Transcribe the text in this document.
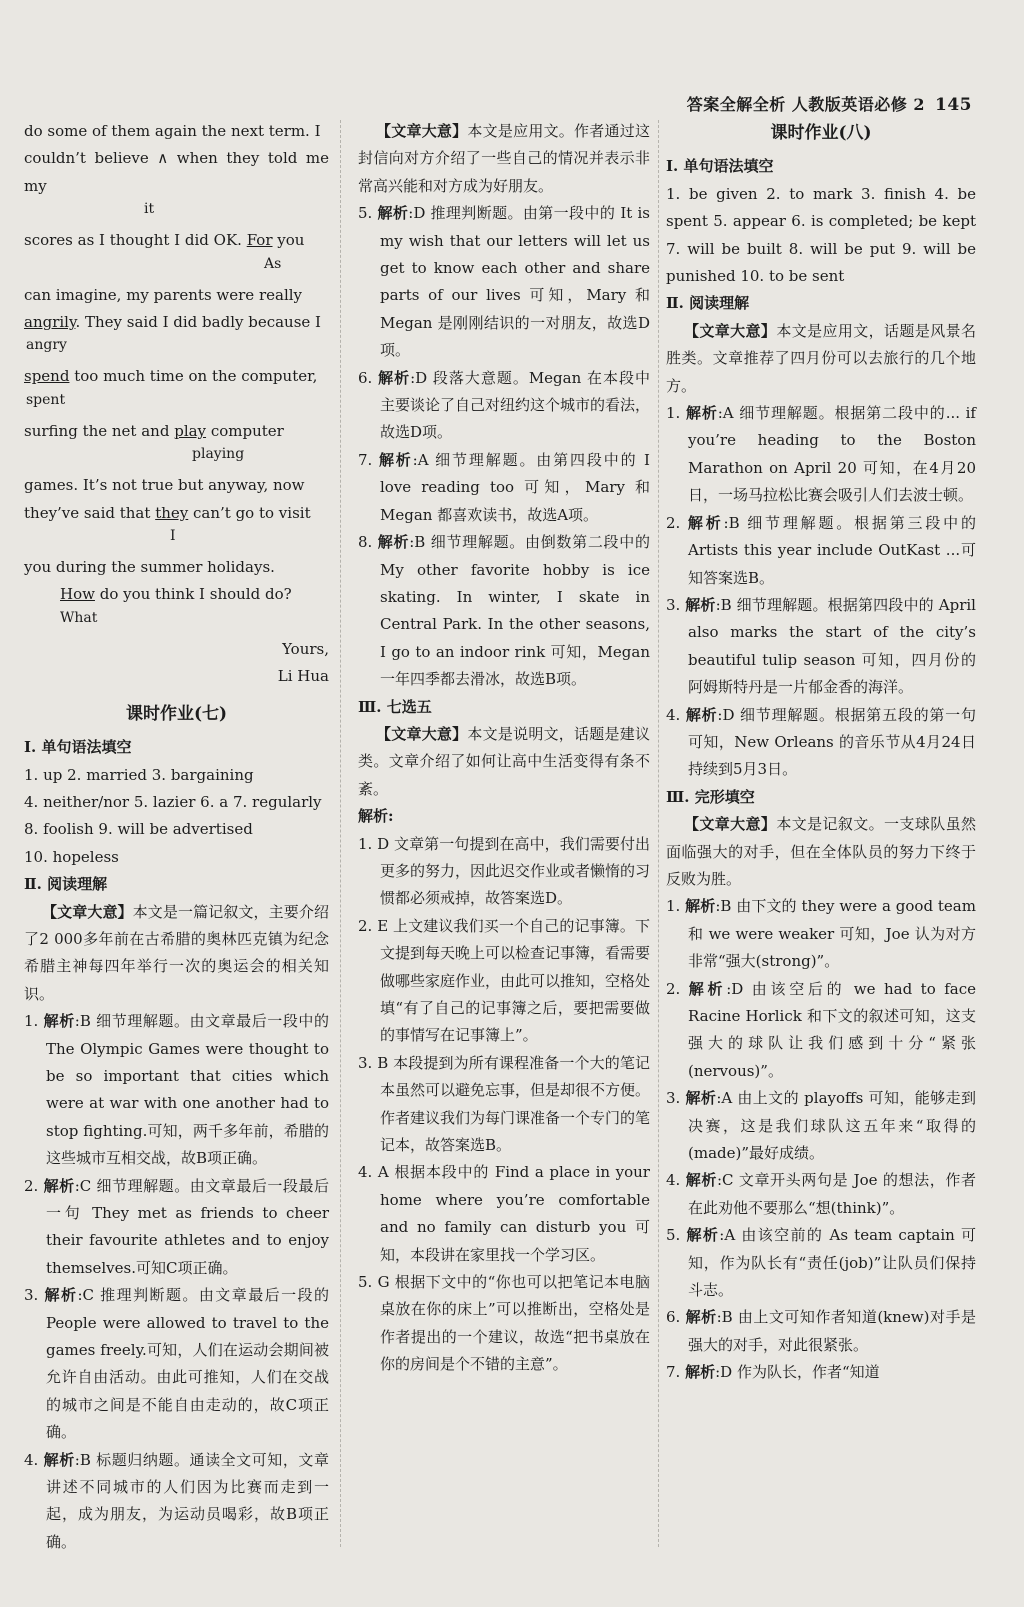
答案全解全析 人教版英语必修 2 145

do some of them again the next term. I

couldn’t believe ∧ when they told me my

it

scores as I thought I did OK. For you

As

can imagine, my parents were really

angrily. They said I did badly because I

angry

spend too much time on the computer,

spent

surfing the net and play computer

playing

games. It’s not true but anyway, now

they’ve said that they can’t go to visit

I

you during the summer holidays.

How do you think I should do?

What

Yours,

Li Hua

课时作业(七)

Ⅰ. 单句语法填空

1. up 2. married 3. bargaining

4. neither/nor 5. lazier 6. a 7. regularly

8. foolish 9. will be advertised

10. hopeless

Ⅱ. 阅读理解

【文章大意】本文是一篇记叙文，主要介绍了2 000多年前在古希腊的奥林匹克镇为纪念希腊主神每四年举行一次的奥运会的相关知识。

1. 解析:B 细节理解题。由文章最后一段中的 The Olympic Games were thought to be so important that cities which were at war with one another had to stop fighting.可知，两千多年前，希腊的这些城市互相交战，故B项正确。

2. 解析:C 细节理解题。由文章最后一段最后一句 They met as friends to cheer their favourite athletes and to enjoy themselves.可知C项正确。

3. 解析:C 推理判断题。由文章最后一段的 People were allowed to travel to the games freely.可知，人们在运动会期间被允许自由活动。由此可推知，人们在交战的城市之间是不能自由走动的，故C项正确。

4. 解析:B 标题归纳题。通读全文可知，文章讲述不同城市的人们因为比赛而走到一起，成为朋友，为运动员喝彩，故B项正确。

【文章大意】本文是应用文。作者通过这封信向对方介绍了一些自己的情况并表示非常高兴能和对方成为好朋友。

5. 解析:D 推理判断题。由第一段中的 It is my wish that our letters will let us get to know each other and share parts of our lives 可知，Mary 和 Megan 是刚刚结识的一对朋友，故选D项。

6. 解析:D 段落大意题。Megan 在本段中主要谈论了自己对纽约这个城市的看法，故选D项。

7. 解析:A 细节理解题。由第四段中的 I love reading too 可知，Mary 和 Megan 都喜欢读书，故选A项。

8. 解析:B 细节理解题。由倒数第二段中的 My other favorite hobby is ice skating. In winter, I skate in Central Park. In the other seasons, I go to an indoor rink 可知，Megan 一年四季都去滑冰，故选B项。

Ⅲ. 七选五

【文章大意】本文是说明文，话题是建议类。文章介绍了如何让高中生活变得有条不紊。

解析:

1. D 文章第一句提到在高中，我们需要付出更多的努力，因此迟交作业或者懒惰的习惯都必须戒掉，故答案选D。

2. E 上文建议我们买一个自己的记事簿。下文提到每天晚上可以检查记事簿，看需要做哪些家庭作业，由此可以推知，空格处填“有了自己的记事簿之后，要把需要做的事情写在记事簿上”。

3. B 本段提到为所有课程准备一个大的笔记本虽然可以避免忘事，但是却很不方便。作者建议我们为每门课准备一个专门的笔记本，故答案选B。

4. A 根据本段中的 Find a place in your home where you’re comfortable and no family can disturb you 可知，本段讲在家里找一个学习区。

5. G 根据下文中的“你也可以把笔记本电脑桌放在你的床上”可以推断出，空格处是作者提出的一个建议，故选“把书桌放在你的房间是个不错的主意”。

课时作业(八)

Ⅰ. 单句语法填空

1. be given 2. to mark 3. finish 4. be spent 5. appear 6. is completed; be kept 7. will be built 8. will be put 9. will be punished 10. to be sent

Ⅱ. 阅读理解

【文章大意】本文是应用文，话题是风景名胜类。文章推荐了四月份可以去旅行的几个地方。

1. 解析:A 细节理解题。根据第二段中的... if you’re heading to the Boston Marathon on April 20 可知，在4月20日，一场马拉松比赛会吸引人们去波士顿。

2. 解析:B 细节理解题。根据第三段中的 Artists this year include OutKast ...可知答案选B。

3. 解析:B 细节理解题。根据第四段中的 April also marks the start of the city’s beautiful tulip season 可知，四月份的阿姆斯特丹是一片郁金香的海洋。

4. 解析:D 细节理解题。根据第五段的第一句可知，New Orleans 的音乐节从4月24日持续到5月3日。

Ⅲ. 完形填空

【文章大意】本文是记叙文。一支球队虽然面临强大的对手，但在全体队员的努力下终于反败为胜。

1. 解析:B 由下文的 they were a good team 和 we were weaker 可知，Joe 认为对方非常“强大(strong)”。

2. 解析:D 由该空后的 we had to face Racine Horlick 和下文的叙述可知，这支强大的球队让我们感到十分“紧张(nervous)”。

3. 解析:A 由上文的 playoffs 可知，能够走到决赛，这是我们球队这五年来“取得的(made)”最好成绩。

4. 解析:C 文章开头两句是 Joe 的想法，作者在此劝他不要那么“想(think)”。

5. 解析:A 由该空前的 As team captain 可知，作为队长有“责任(job)”让队员们保持斗志。

6. 解析:B 由上文可知作者知道(knew)对手是强大的对手，对此很紧张。

7. 解析:D 作为队长，作者“知道
